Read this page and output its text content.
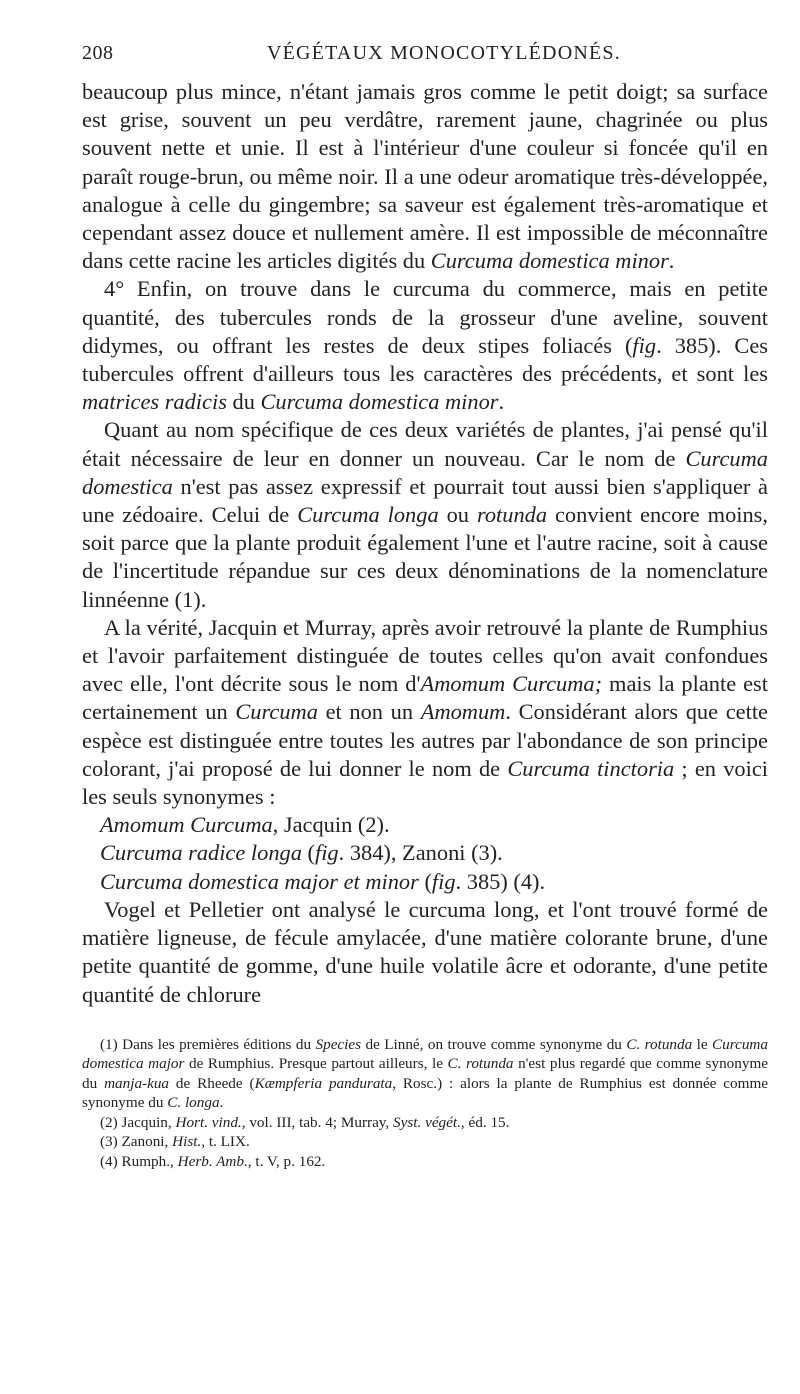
208	VÉGÉTAUX MONOCOTYLÉDONÉS.

beaucoup plus mince, n'étant jamais gros comme le petit doigt; sa surface est grise, souvent un peu verdâtre, rarement jaune, chagrinée ou plus souvent nette et unie. Il est à l'intérieur d'une couleur si foncée qu'il en paraît rouge-brun, ou même noir. Il a une odeur aromatique très-développée, analogue à celle du gingembre; sa saveur est également très-aromatique et cependant assez douce et nullement amère. Il est impossible de méconnaître dans cette racine les articles digités du Curcuma domestica minor.

4° Enfin, on trouve dans le curcuma du commerce, mais en petite quantité, des tubercules ronds de la grosseur d'une aveline, souvent didymes, ou offrant les restes de deux stipes foliacés (fig. 385). Ces tubercules offrent d'ailleurs tous les caractères des précédents, et sont les matrices radicis du Curcuma domestica minor.

Quant au nom spécifique de ces deux variétés de plantes, j'ai pensé qu'il était nécessaire de leur en donner un nouveau. Car le nom de Curcuma domestica n'est pas assez expressif et pourrait tout aussi bien s'appliquer à une zédoaire. Celui de Curcuma longa ou rotunda convient encore moins, soit parce que la plante produit également l'une et l'autre racine, soit à cause de l'incertitude répandue sur ces deux dénominations de la nomenclature linnéenne (1).

A la vérité, Jacquin et Murray, après avoir retrouvé la plante de Rumphius et l'avoir parfaitement distinguée de toutes celles qu'on avait confondues avec elle, l'ont décrite sous le nom d'Amomum Curcuma; mais la plante est certainement un Curcuma et non un Amomum. Considérant alors que cette espèce est distinguée entre toutes les autres par l'abondance de son principe colorant, j'ai proposé de lui donner le nom de Curcuma tinctoria ; en voici les seuls synonymes :

Amomum Curcuma, Jacquin (2).

Curcuma radice longa (fig. 384), Zanoni (3).

Curcuma domestica major et minor (fig. 385) (4).

Vogel et Pelletier ont analysé le curcuma long, et l'ont trouvé formé de matière ligneuse, de fécule amylacée, d'une matière colorante brune, d'une petite quantité de gomme, d'une huile volatile âcre et odorante, d'une petite quantité de chlorure

(1) Dans les premières éditions du Species de Linné, on trouve comme synonyme du C. rotunda le Curcuma domestica major de Rumphius. Presque partout ailleurs, le C. rotunda n'est plus regardé que comme synonyme du manja-kua de Rheede (Kæmpferia pandurata, Rosc.) : alors la plante de Rumphius est donnée comme synonyme du C. longa.

(2) Jacquin, Hort. vind., vol. III, tab. 4; Murray, Syst. végét., éd. 15.

(3) Zanoni, Hist., t. LIX.

(4) Rumph., Herb. Amb., t. V, p. 162.
